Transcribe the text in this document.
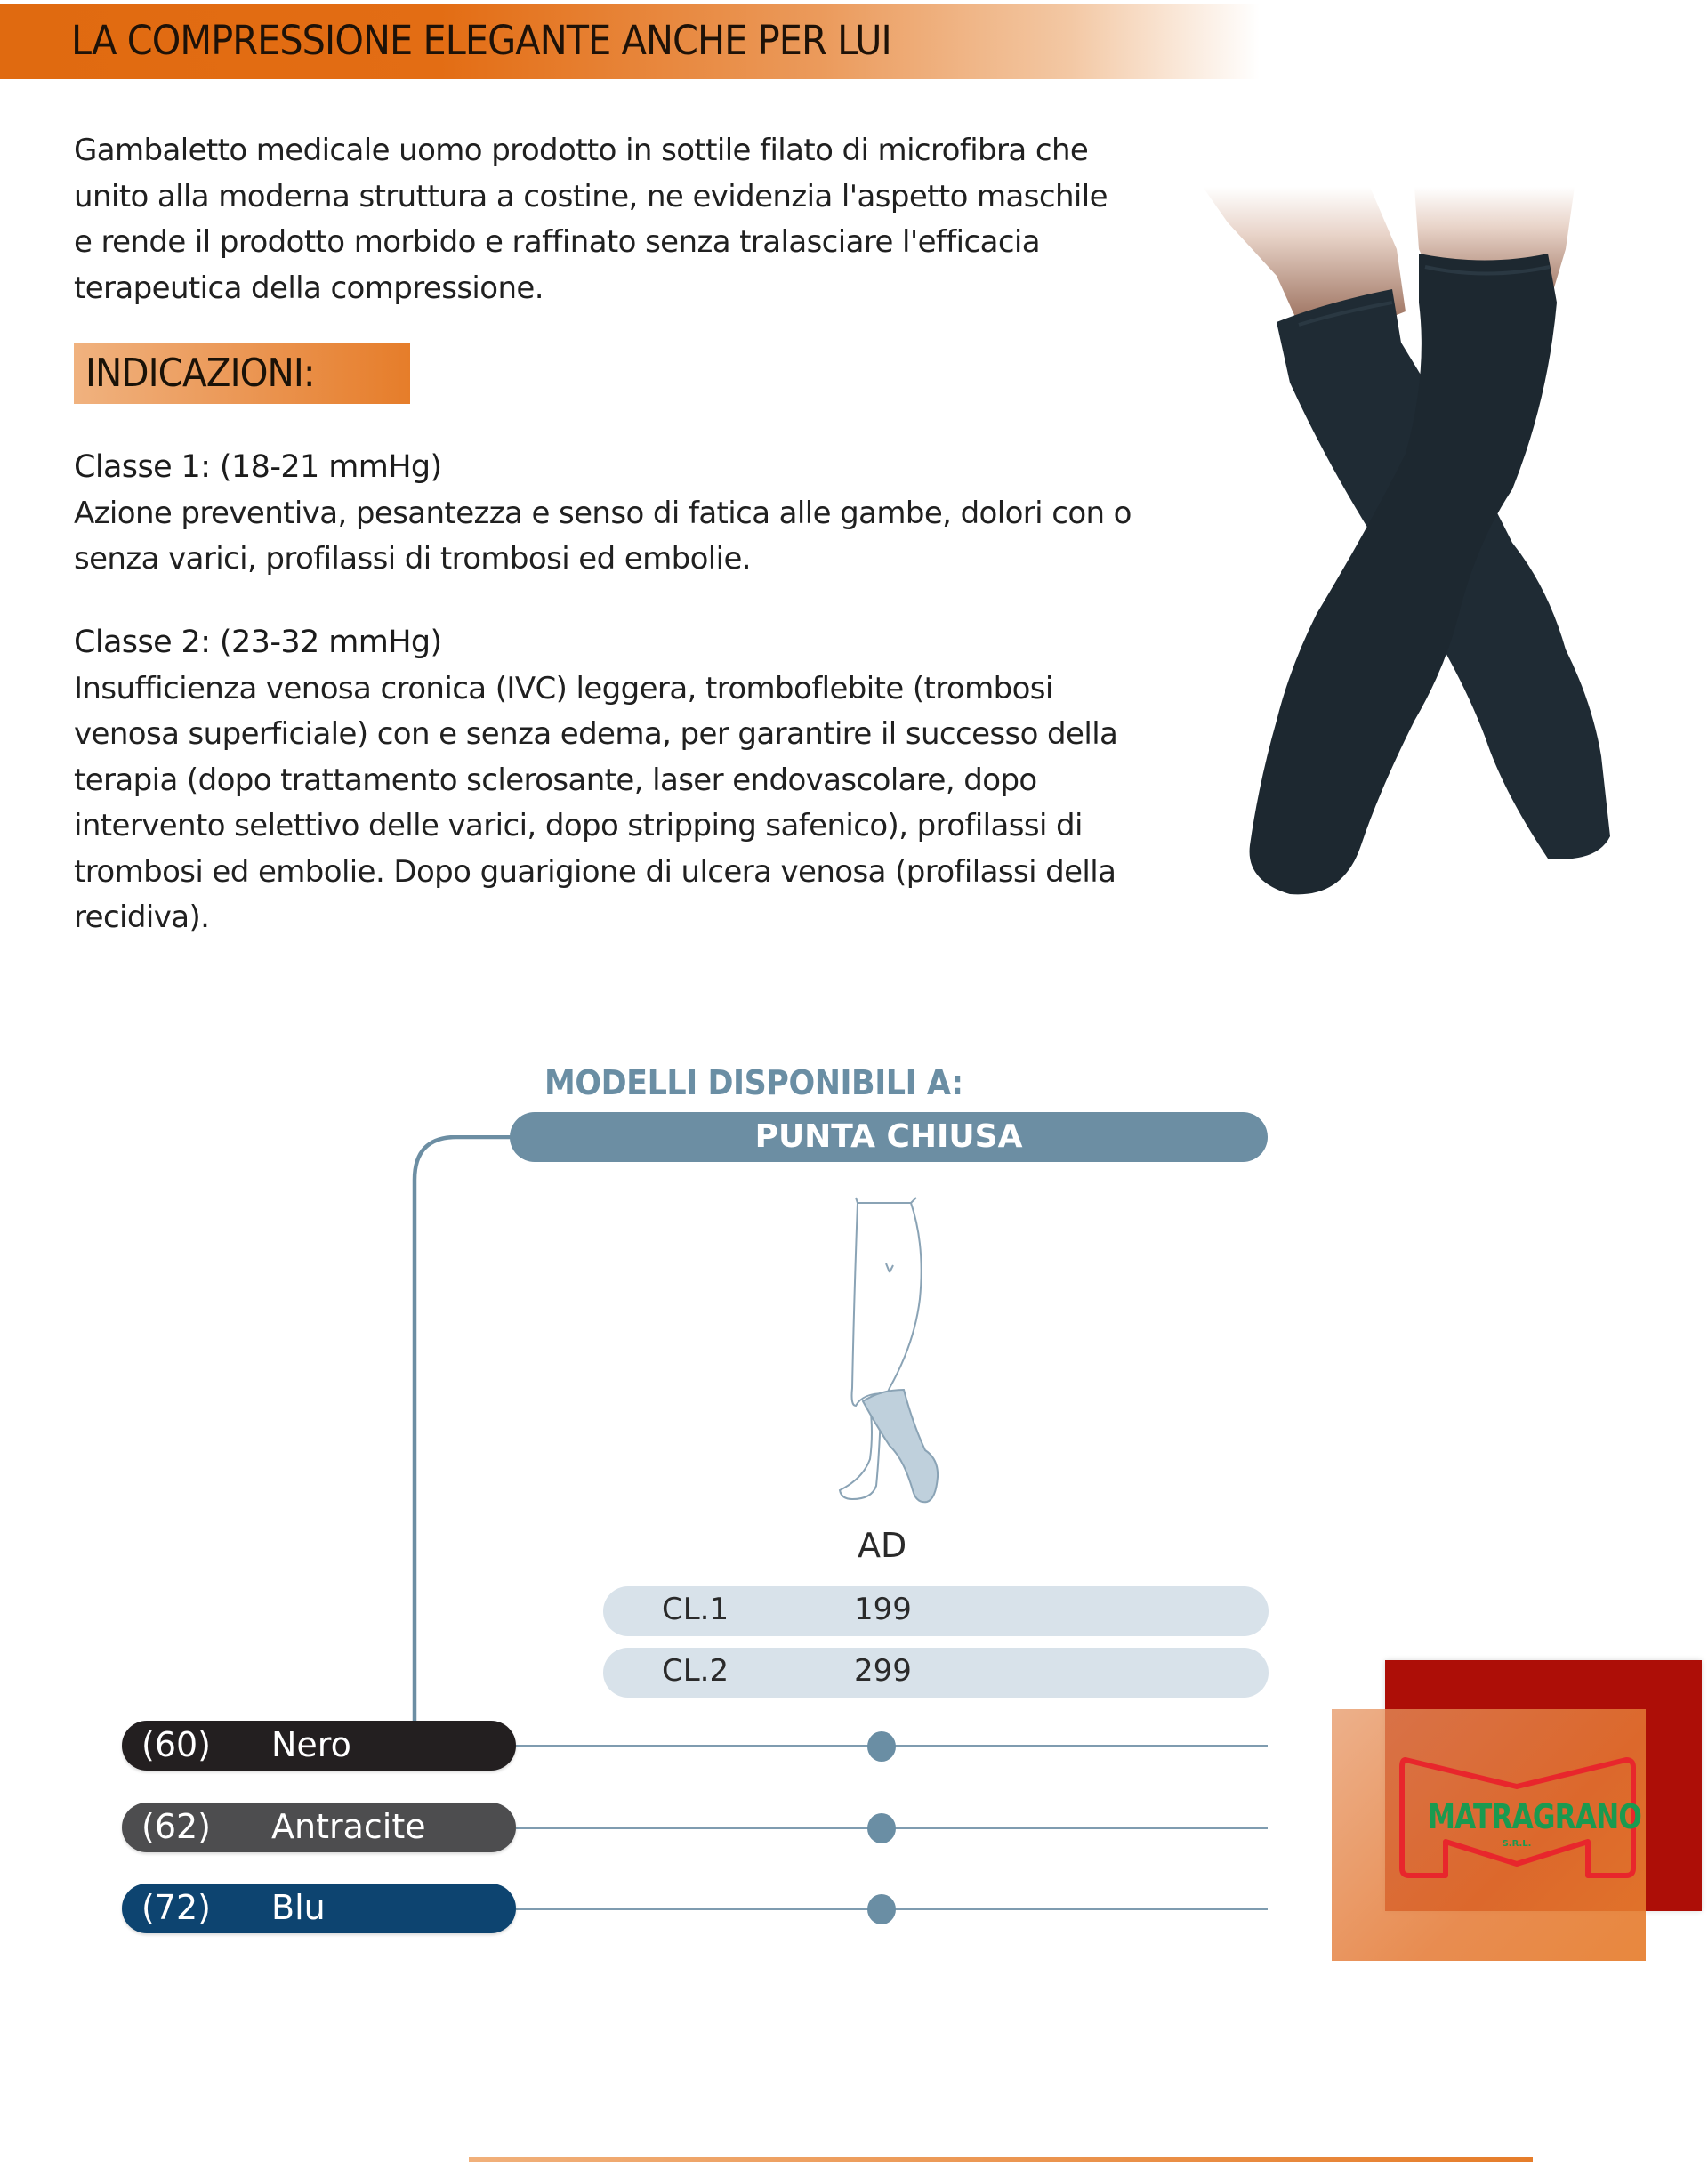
LA COMPRESSIONE ELEGANTE ANCHE PER LUI

Gambaletto medicale uomo prodotto in sottile filato di microfibra che

unito alla moderna struttura a costine, ne evidenzia l'aspetto maschile

e rende il prodotto morbido e raffinato senza tralasciare l'efficacia

terapeutica della compressione.

INDICAZIONI:

Classe 1: (18-21 mmHg)

Azione preventiva, pesantezza e senso di fatica alle gambe, dolori con o

senza varici, profilassi di trombosi ed embolie.

Classe 2: (23-32 mmHg)

Insufficienza venosa cronica (IVC) leggera, tromboflebite (trombosi

venosa superficiale) con e senza edema, per garantire il successo della

terapia (dopo trattamento sclerosante, laser endovascolare, dopo

intervento selettivo delle varici, dopo stripping safenico), profilassi di

trombosi ed embolie. Dopo guarigione di ulcera venosa (profilassi della

recidiva).

MODELLI DISPONIBILI A:
PUNTA CHIUSA
AD
CL.1	199
CL.2	299
(60) Nero
(62) Antracite
(72) Blu
MATRAGRANO
S.R.L.
